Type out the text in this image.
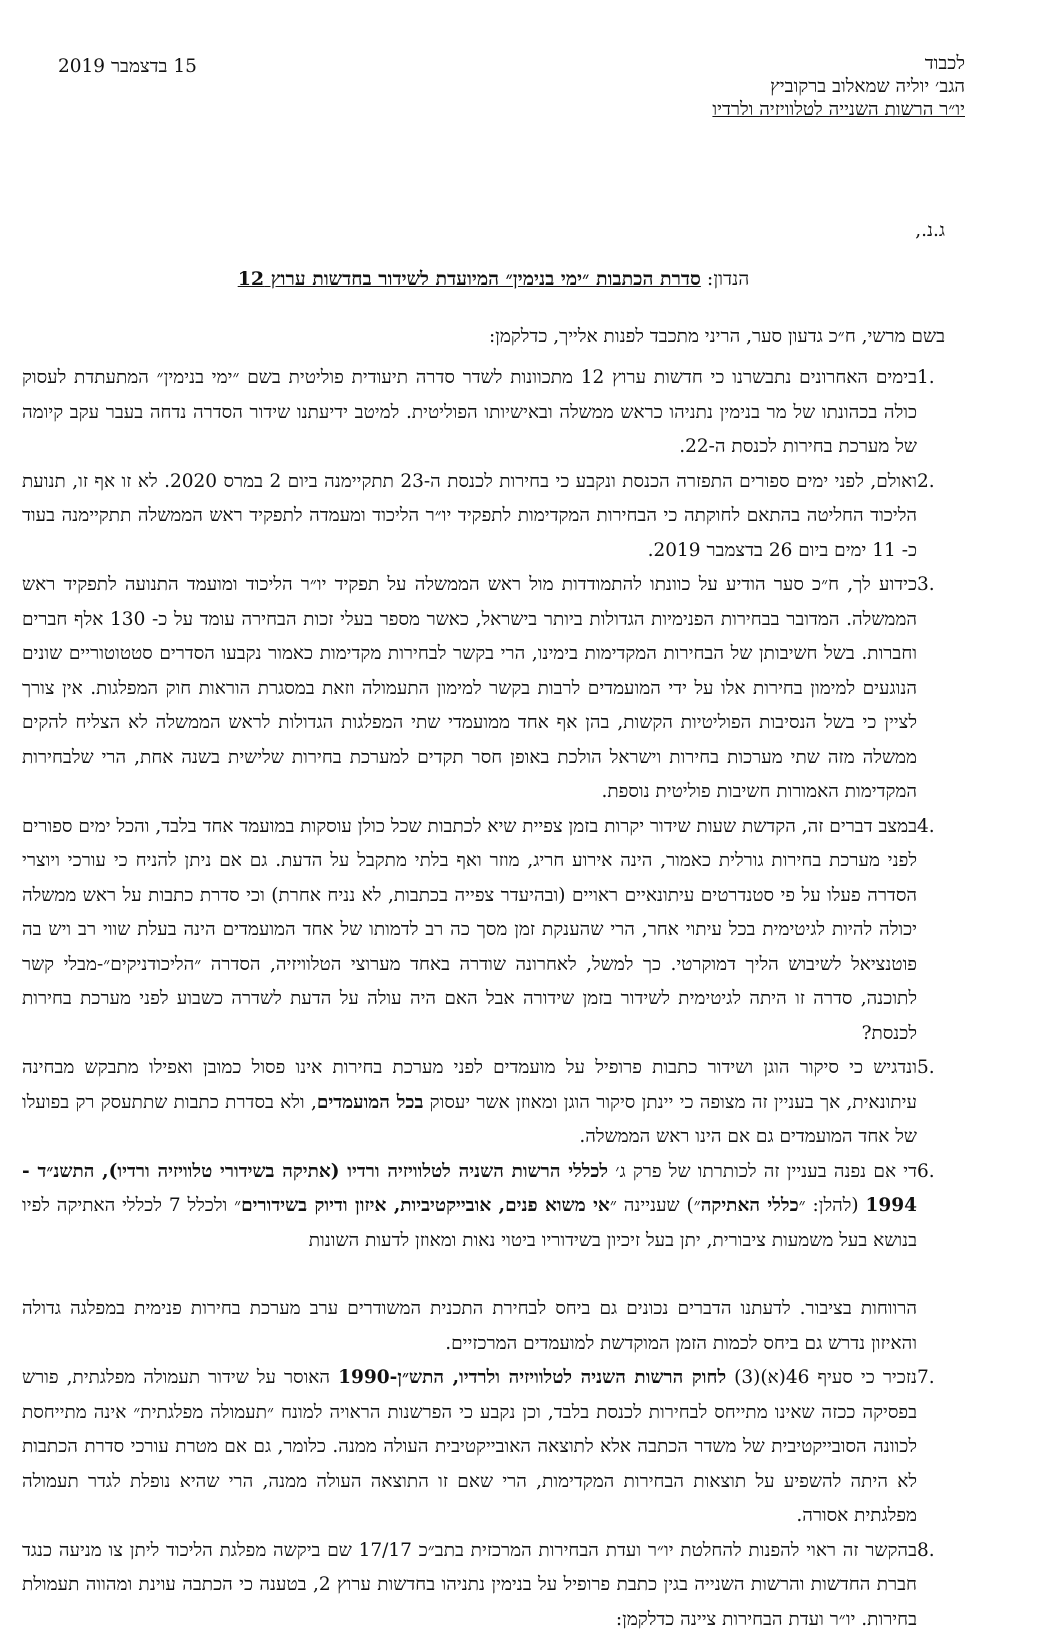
לכבוד
הגב׳ יוליה שמאלוב ברקוביץ
יו״ר הרשות השנייה לטלוויזיה ולרדיו
15 בדצמבר 2019
ג.נ.,
הנדון: סדרת הכתבות ״ימי בנימין״ המיועדת לשידור בחדשות ערוץ 12
בשם מרשי, ח״כ גדעון סער, הריני מתכבד לפנות אלייך, כדלקמן:
1.
בימים האחרונים נתבשרנו כי חדשות ערוץ 12 מתכוונות לשדר סדרה תיעודית פוליטית בשם ״ימי בנימין״ המתעתדת לעסוק כולה בכהונתו של מר בנימין נתניהו כראש ממשלה ובאישיותו הפוליטית. למיטב ידיעתנו שידור הסדרה נדחה בעבר עקב קיומה של מערכת בחירות לכנסת ה-22.
2.
ואולם, לפני ימים ספורים התפזרה הכנסת ונקבע כי בחירות לכנסת ה-23 תתקיימנה ביום 2 במרס 2020. לא זו אף זו, תנועת הליכוד החליטה בהתאם לחוקתה כי הבחירות המקדימות לתפקיד יו״ר הליכוד ומעמדה לתפקיד ראש הממשלה תתקיימנה בעוד כ- 11 ימים ביום 26 בדצמבר 2019.
3.
כידוע לך, ח״כ סער הודיע על כוונתו להתמודדות מול ראש הממשלה על תפקיד יו״ר הליכוד ומועמד התנועה לתפקיד ראש הממשלה. המדובר בבחירות הפנימיות הגדולות ביותר בישראל, כאשר מספר בעלי זכות הבחירה עומד על כ- 130 אלף חברים וחברות. בשל חשיבותן של הבחירות המקדימות בימינו, הרי בקשר לבחירות מקדימות כאמור נקבעו הסדרים סטטוטוריים שונים הנוגעים למימון בחירות אלו על ידי המועמדים לרבות בקשר למימון התעמולה וזאת במסגרת הוראות חוק המפלגות. אין צורך לציין כי בשל הנסיבות הפוליטיות הקשות, בהן אף אחד ממועמדי שתי המפלגות הגדולות לראש הממשלה לא הצליח להקים ממשלה מזה שתי מערכות בחירות וישראל הולכת באופן חסר תקדים למערכת בחירות שלישית בשנה אחת, הרי שלבחירות המקדימות האמורות חשיבות פוליטית נוספת.
4.
במצב דברים זה, הקדשת שעות שידור יקרות בזמן צפיית שיא לכתבות שכל כולן עוסקות במועמד אחד בלבד, והכל ימים ספורים לפני מערכת בחירות גורלית כאמור, הינה אירוע חריג, מוזר ואף בלתי מתקבל על הדעת. גם אם ניתן להניח כי עורכי ויוצרי הסדרה פעלו על פי סטנדרטים עיתונאיים ראויים (ובהיעדר צפייה בכתבות, לא נניח אחרת) וכי סדרת כתבות על ראש ממשלה יכולה להיות לגיטימית בכל עיתוי אחר, הרי שהענקת זמן מסך כה רב לדמותו של אחד המועמדים הינה בעלת שווי רב ויש בה פוטנציאל לשיבוש הליך דמוקרטי. כך למשל, לאחרונה שודרה באחד מערוצי הטלוויזיה, הסדרה ״הליכודניקים״-מבלי קשר לתוכנה, סדרה זו היתה לגיטימית לשידור בזמן שידורה אבל האם היה עולה על הדעת לשדרה כשבוע לפני מערכת בחירות לכנסת?
5.
ונדגיש כי סיקור הוגן ושידור כתבות פרופיל על מועמדים לפני מערכת בחירות אינו פסול כמובן ואפילו מתבקש מבחינה עיתונאית, אך בעניין זה מצופה כי יינתן סיקור הוגן ומאוזן אשר יעסוק בכל המועמדים, ולא בסדרת כתבות שתתעסק רק בפועלו של אחד המועמדים גם אם הינו ראש הממשלה.
6.
די אם נפנה בעניין זה לכותרתו של פרק ג׳ לכללי הרשות השניה לטלוויזיה ורדיו (אתיקה בשידורי טלוויזיה ורדיו), התשנ״ד - 1994 (להלן: ״כללי האתיקה״) שעניינה ״אי משוא פנים, אובייקטיביות, איזון ודיוק בשידורים״ ולכלל 7 לכללי האתיקה לפיו בנושא בעל משמעות ציבורית, יתן בעל זיכיון בשידוריו ביטוי נאות ומאוזן לדעות השונות
הרווחות בציבור. לדעתנו הדברים נכונים גם ביחס לבחירת התכנית המשודרים ערב מערכת בחירות פנימית במפלגה גדולה והאיזון נדרש גם ביחס לכמות הזמן המוקדשת למועמדים המרכזיים.
7.
נזכיר כי סעיף 46(א)(3) לחוק הרשות השניה לטלוויזיה ולרדיו, התש״ן-1990 האוסר על שידור תעמולה מפלגתית, פורש בפסיקה ככזה שאינו מתייחס לבחירות לכנסת בלבד, וכן נקבע כי הפרשנות הראויה למונח ״תעמולה מפלגתית״ אינה מתייחסת לכוונה הסובייקטיבית של משדר הכתבה אלא לתוצאה האובייקטיבית העולה ממנה. כלומר, גם אם מטרת עורכי סדרת הכתבות לא היתה להשפיע על תוצאות הבחירות המקדימות, הרי שאם זו התוצאה העולה ממנה, הרי שהיא נופלת לגדר תעמולה מפלגתית אסורה.
8.
בהקשר זה ראוי להפנות להחלטת יו״ר ועדת הבחירות המרכזית בתב״כ 17/17 שם ביקשה מפלגת הליכוד ליתן צו מניעה כנגד חברת החדשות והרשות השנייה בגין כתבת פרופיל על בנימין נתניהו בחדשות ערוץ 2, בטענה כי הכתבה עוינת ומהווה תעמולת בחירות. יו״ר ועדת הבחירות ציינה כדלקמן:
